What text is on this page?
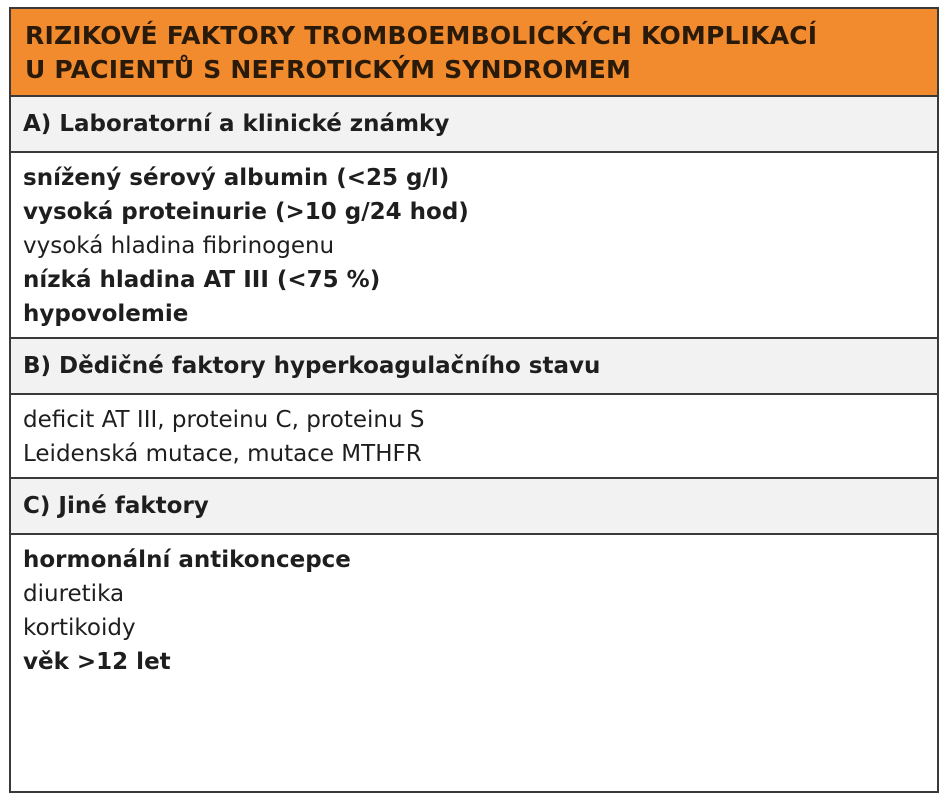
RIZIKOVÉ FAKTORY TROMBOEMBOLICKÝCH KOMPLIKACÍ
U PACIENTŮ S NEFROTICKÝM SYNDROMEM
A) Laboratorní a klinické známky
snížený sérový albumin (<25 g/l)
vysoká proteinurie (>10 g/24 hod)
vysoká hladina fibrinogenu
nízká hladina AT III (<75 %)
hypovolemie
B) Dědičné faktory hyperkoagulačního stavu
deficit AT III, proteinu C, proteinu S
Leidenská mutace, mutace MTHFR
C) Jiné faktory
hormonální antikoncepce
diuretika
kortikoidy
věk >12 let
